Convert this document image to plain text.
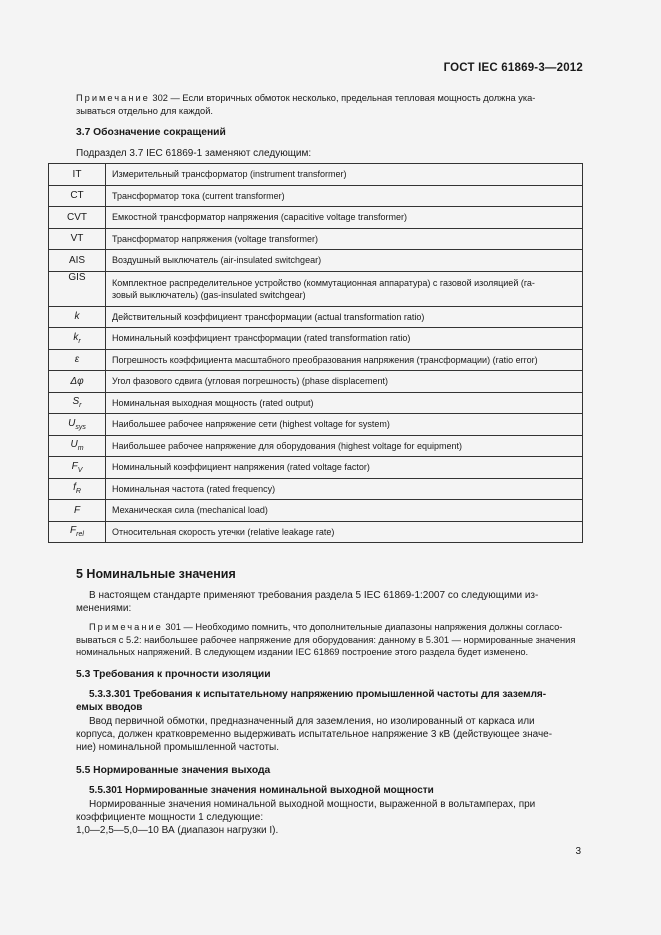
ГОСТ IEC 61869-3—2012
Примечание 302 — Если вторичных обмоток несколько, предельная тепловая мощность должна ука-
зываться отдельно для каждой.
3.7 Обозначение сокращений
Подраздел 3.7 IEC 61869-1 заменяют следующим:
IT	Измерительный трансформатор (instrument transformer)

CT	Трансформатор тока (current transformer)

CVT	Емкостной трансформатор напряжения (capacitive voltage transformer)

VT	Трансформатор напряжения (voltage transformer)

AIS	Воздушный выключатель (air-insulated switchgear)

GIS	Комплектное распределительное устройство (коммутационная аппаратура) с газовой изоляцией (га-
зовый выключатель) (gas-insulated switchgear)

k	Действительный коэффициент трансформации (actual transformation ratio)

$k_r$	Номинальный коэффициент трансформации (rated transformation ratio)

ε	Погрешность коэффициента масштабного преобразования напряжения (трансформации) (ratio error)

Δφ	Угол фазового сдвига (угловая погрешность) (phase displacement)

$S_r$	Номинальная выходная мощность (rated output)

$U_{sys}$	Наибольшее рабочее напряжение сети (highest voltage for system)

$U_m$	Наибольшее рабочее напряжение для оборудования (highest voltage for equipment)

$F_V$	Номинальный коэффициент напряжения (rated voltage factor)

$f_R$	Номинальная частота (rated frequency)

F	Механическая сила (mechanical load)

$F_{rel}$	Относительная скорость утечки (relative leakage rate)
5 Номинальные значения
В настоящем стандарте применяют требования раздела 5 IEC 61869-1:2007 со следующими из-
менениями:
Примечание 301 — Необходимо помнить, что дополнительные диапазоны напряжения должны согласо-
вываться с 5.2: наибольшее рабочее напряжение для оборудования: данному в 5.301 — нормированные значения
номинальных напряжений. В следующем издании IEC 61869 построение этого раздела будет изменено.
5.3 Требования к прочности изоляции
5.3.3.301 Требования к испытательному напряжению промышленной частоты для заземля-
емых вводов
Ввод первичной обмотки, предназначенный для заземления, но изолированный от каркаса или
корпуса, должен кратковременно выдерживать испытательное напряжение 3 кВ (действующее значе-
ние) номинальной промышленной частоты.
5.5 Нормированные значения выхода
5.5.301 Нормированные значения номинальной выходной мощности
Нормированные значения номинальной выходной мощности, выраженной в вольтамперах, при
коэффициенте мощности 1 следующие:
1,0—2,5—5,0—10 ВА (диапазон нагрузки I).
3
